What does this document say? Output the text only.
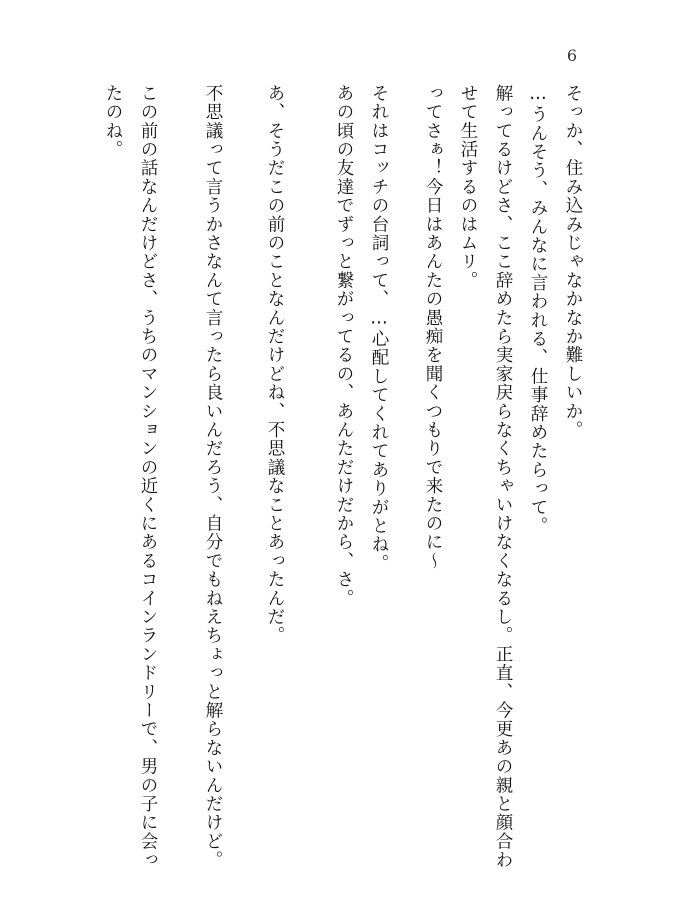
6
そっか、住み込みじゃなかなか難しいか。
…うんそう、みんなに言われる、仕事辞めたらって。
解ってるけどさ、ここ辞めたら実家戻らなくちゃいけなくなるし。正直、今更あの親と顔合わ
せて生活するのはムリ。
ってさぁ！今日はあんたの愚痴を聞くつもりで来たのに～
それはコッチの台詞って、…心配してくれてありがとね。
あの頃の友達でずっと繋がってるの、あんただけだから、さ。
あ、そうだこの前のことなんだけどね、不思議なことあったんだ。
不思議って言うかさなんて言ったら良いんだろう、自分でもねえちょっと解らないんだけど。
この前の話なんだけどさ、うちのマンションの近くにあるコインランドリーで、男の子に会っ
たのね。
